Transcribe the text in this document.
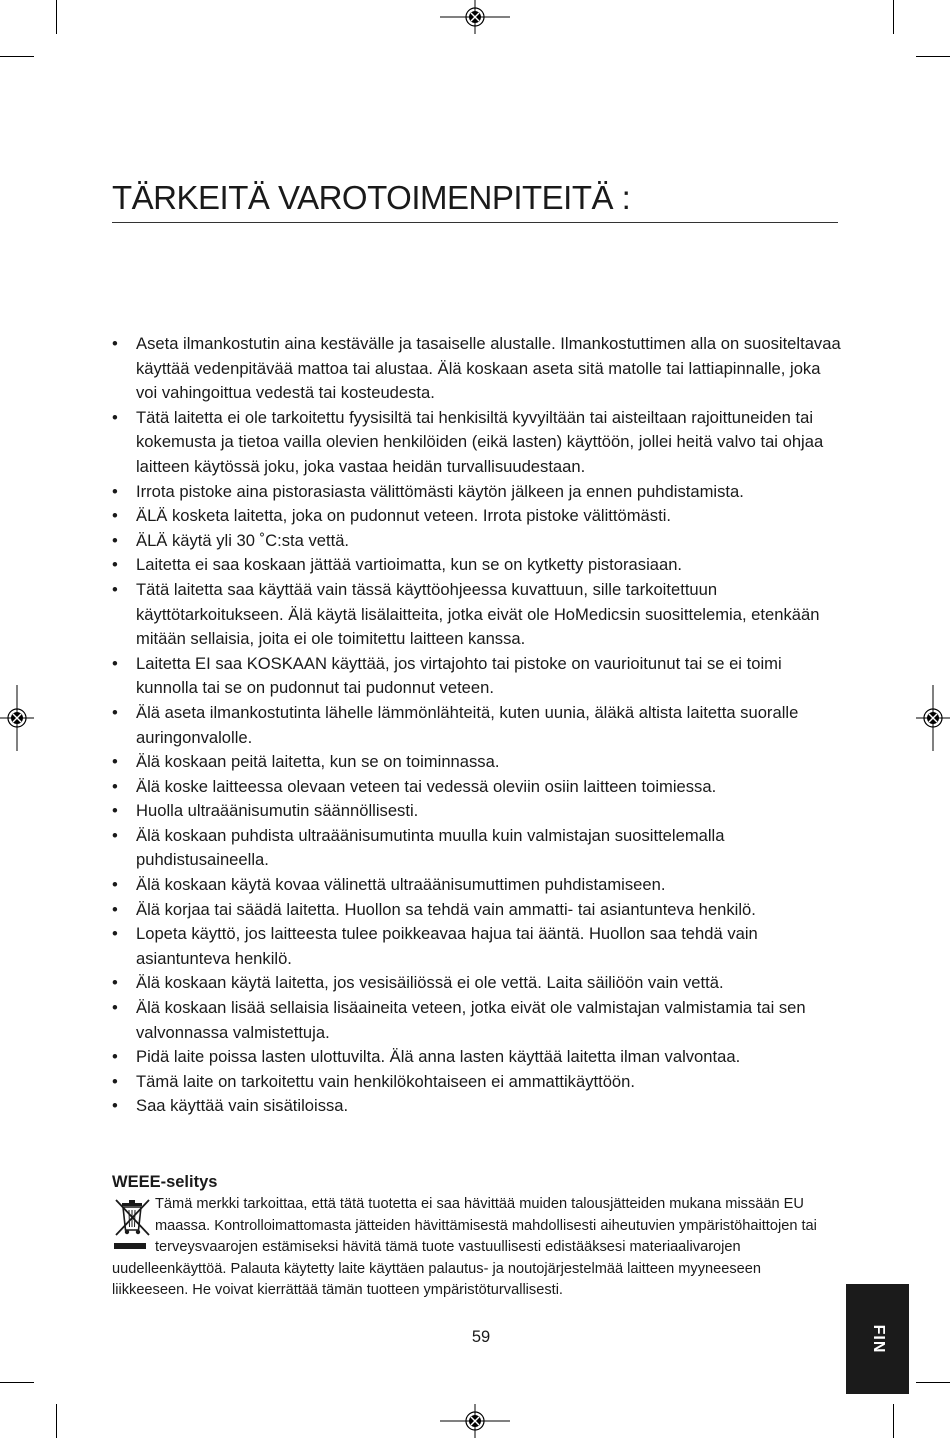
TÄRKEITÄ VAROTOIMENPITEITÄ :
• Aseta ilmankostutin aina kestävälle ja tasaiselle alustalle. Ilmankostuttimen alla on suositeltavaa käyttää vedenpitävää mattoa tai alustaa. Älä koskaan aseta sitä matolle tai lattiapinnalle, joka voi vahingoittua vedestä tai kosteudesta.
• Tätä laitetta ei ole tarkoitettu fyysisiltä tai henkisiltä kyvyiltään tai aisteiltaan rajoittuneiden tai kokemusta ja tietoa vailla olevien henkilöiden (eikä lasten) käyttöön, jollei heitä valvo tai ohjaa laitteen käytössä joku, joka vastaa heidän turvallisuudestaan.
• Irrota pistoke aina pistorasiasta välittömästi käytön jälkeen ja ennen puhdistamista.
• ÄLÄ kosketa laitetta, joka on pudonnut veteen. Irrota pistoke välittömästi.
• ÄLÄ käytä yli 30 ˚C:sta vettä.
• Laitetta ei saa koskaan jättää vartioimatta, kun se on kytketty pistorasiaan.
• Tätä laitetta saa käyttää vain tässä käyttöohjeessa kuvattuun, sille tarkoitettuun käyttötarkoitukseen. Älä käytä lisälaitteita, jotka eivät ole HoMedicsin suosittelemia, etenkään mitään sellaisia, joita ei ole toimitettu laitteen kanssa.
• Laitetta EI saa KOSKAAN käyttää, jos virtajohto tai pistoke on vaurioitunut tai se ei toimi kunnolla tai se on pudonnut tai pudonnut veteen.
• Älä aseta ilmankostutinta lähelle lämmönlähteitä, kuten uunia, äläkä altista laitetta suoralle auringonvalolle.
• Älä koskaan peitä laitetta, kun se on toiminnassa.
• Älä koske laitteessa olevaan veteen tai vedessä oleviin osiin laitteen toimiessa.
• Huolla ultraäänisumutin säännöllisesti.
• Älä koskaan puhdista ultraäänisumutinta muulla kuin valmistajan suosittelemalla puhdistusaineella.
• Älä koskaan käytä kovaa välinettä ultraäänisumuttimen puhdistamiseen.
• Älä korjaa tai säädä laitetta. Huollon sa tehdä vain ammatti- tai asiantunteva henkilö.
• Lopeta käyttö, jos laitteesta tulee poikkeavaa hajua tai ääntä. Huollon saa tehdä vain asiantunteva henkilö.
• Älä koskaan käytä laitetta, jos vesisäiliössä ei ole vettä. Laita säiliöön vain vettä.
• Älä koskaan lisää sellaisia lisäaineita veteen, jotka eivät ole valmistajan valmistamia tai sen valvonnassa valmistettuja.
• Pidä laite poissa lasten ulottuvilta. Älä anna lasten käyttää laitetta ilman valvontaa.
• Tämä laite on tarkoitettu vain henkilökohtaiseen ei ammattikäyttöön.
• Saa käyttää vain sisätiloissa.
WEEE-selitys
Tämä merkki tarkoittaa, että tätä tuotetta ei saa hävittää muiden talousjätteiden mukana missään EU maassa. Kontrolloimattomasta jätteiden hävittämisestä mahdollisesti aiheutuvien ympäristöhaittojen tai terveysvaarojen estämiseksi hävitä tämä tuote vastuullisesti edistääksesi materiaalivarojen uudelleenkäyttöä. Palauta käytetty laite käyttäen palautus- ja noutojärjestelmää laitteen myyneeseen liikkeeseen. He voivat kierrättää tämän tuotteen ympäristöturvallisesti.
59	FIN
